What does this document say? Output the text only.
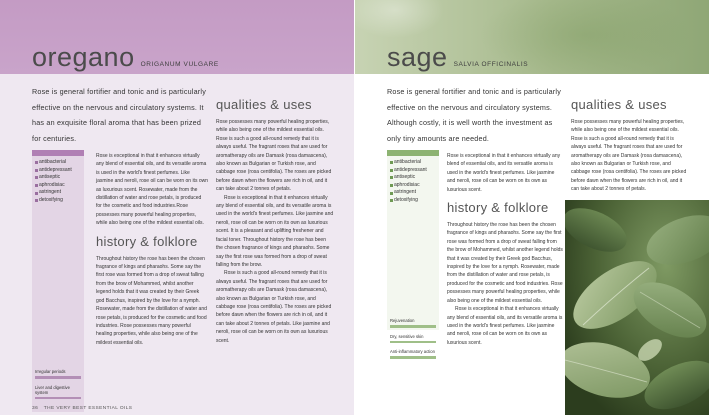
oregano ORIGANUM VULGARE

Rose is general fortifier and tonic and is particularly effective on the nervous and circulatory systems. It has an exquisite floral aroma that has been prized for centuries.

antibacterial
antidepressant
antiseptic
aphrodisiac
astringent
detoxifying
Irregular periods
Liver and digestive system

Rose is exceptional in that it enhances virtually any blend of essential oils, and its versatile aroma is used in the world's finest perfumes. Like jasmine and neroli, rose oil can be worn on its own as luxurious scent. Rosewater, made from the distillation of water and rose petals, is produced for the cosmetic and food industries.Rose possesses many powerful healing properties, while also being one of the mildest essential oils.

history & folklore

Throughout history the rose has been the chosen fragrance of kings and pharaohs. Some say the first rose was formed from a drop of sweat falling from the brow of Mohammed, whilst another legend holds that it was created by their Greek god Bacchus, inspired by the love for a nymph. Rosewater, made from the distillation of water and rose petals, is produced for the cosmetic and food industries. Rose possesses many powerful healing properties, while also being one of the mildest essential oils.

qualities & uses

Rose possesses many powerful healing properties, while also being one of the mildest essential oils. Rose is such a good all-round remedy that it is always useful. The fragrant roses that are used for aromatherapy oils are Damask (rosa damascena), also known as Bulgarian or Turkish rose, and cabbage rose (rosa centifolia). The roses are picked before dawn when the flowers are rich in oil, and it can take about 2 tonnes of petals.

Rose is exceptional in that it enhances virtually any blend of essential oils, and its versatile aroma is used in the world's finest perfumes. Like jasmine and neroli, rose oil can be worn on its own as luxurious scent. It is a pleasant and uplifting freshener and facial toner. Throughout history the rose has been the chosen fragrance of kings and pharaohs. Some say the first rose was formed from a drop of sweat falling from the brow.

Rose is such a good all-round remedy that it is always useful. The fragrant roses that are used for aromatherapy oils are Damask (rosa damascena), also known as Bulgarian or Turkish rose, and cabbage rose (rosa centifolia). The roses are picked before dawn when the flowers are rich in oil, and it can take about 2 tonnes of petals. Like jasmine and neroli, rose oil can be worn on its own as luxurious scent.

36 THE VERY BEST ESSENTIAL OILS
sage SALVIA OFFICINALIS

Rose is general fortifier and tonic and is particularly effective on the nervous and circulatory systems. Although costly, it is well worth the investment as only tiny amounts are needed.

antibacterial
antidepressant
antiseptic
aphrodisiac
astringent
detoxifying
Rejuvenation
Dry, sensitive skin
Anti-inflammatory action

Rose is exceptional in that it enhances virtually any blend of essential oils, and its versatile aroma is used in the world's finest perfumes. Like jasmine and neroli, rose oil can be worn on its own as luxurious scent.

history & folklore

Throughout history the rose has been the chosen fragrance of kings and pharaohs. Some say the first rose was formed from a drop of sweat falling from the brow of Mohammed, whilst another legend holds that it was created by their Greek god Bacchus, inspired by the love for a nymph. Rosewater, made from the distillation of water and rose petals, is produced for the cosmetic and food industries. Rose possesses many powerful healing properties, while also being one of the mildest essential oils.

Rose is exceptional in that it enhances virtually any blend of essential oils, and its versatile aroma is used in the world's finest perfumes. Like jasmine and neroli, rose oil can be worn on its own as luxurious scent.

qualities & uses

Rose possesses many powerful healing properties, while also being one of the mildest essential oils. Rose is such a good all-round remedy that it is always useful. The fragrant roses that are used for aromatherapy oils are Damask (rosa damascena), also known as Bulgarian or Turkish rose, and cabbage rose (rosa centifolia). The roses are picked before dawn when the flowers are rich in oil, and it can take about 2 tonnes of petals.
